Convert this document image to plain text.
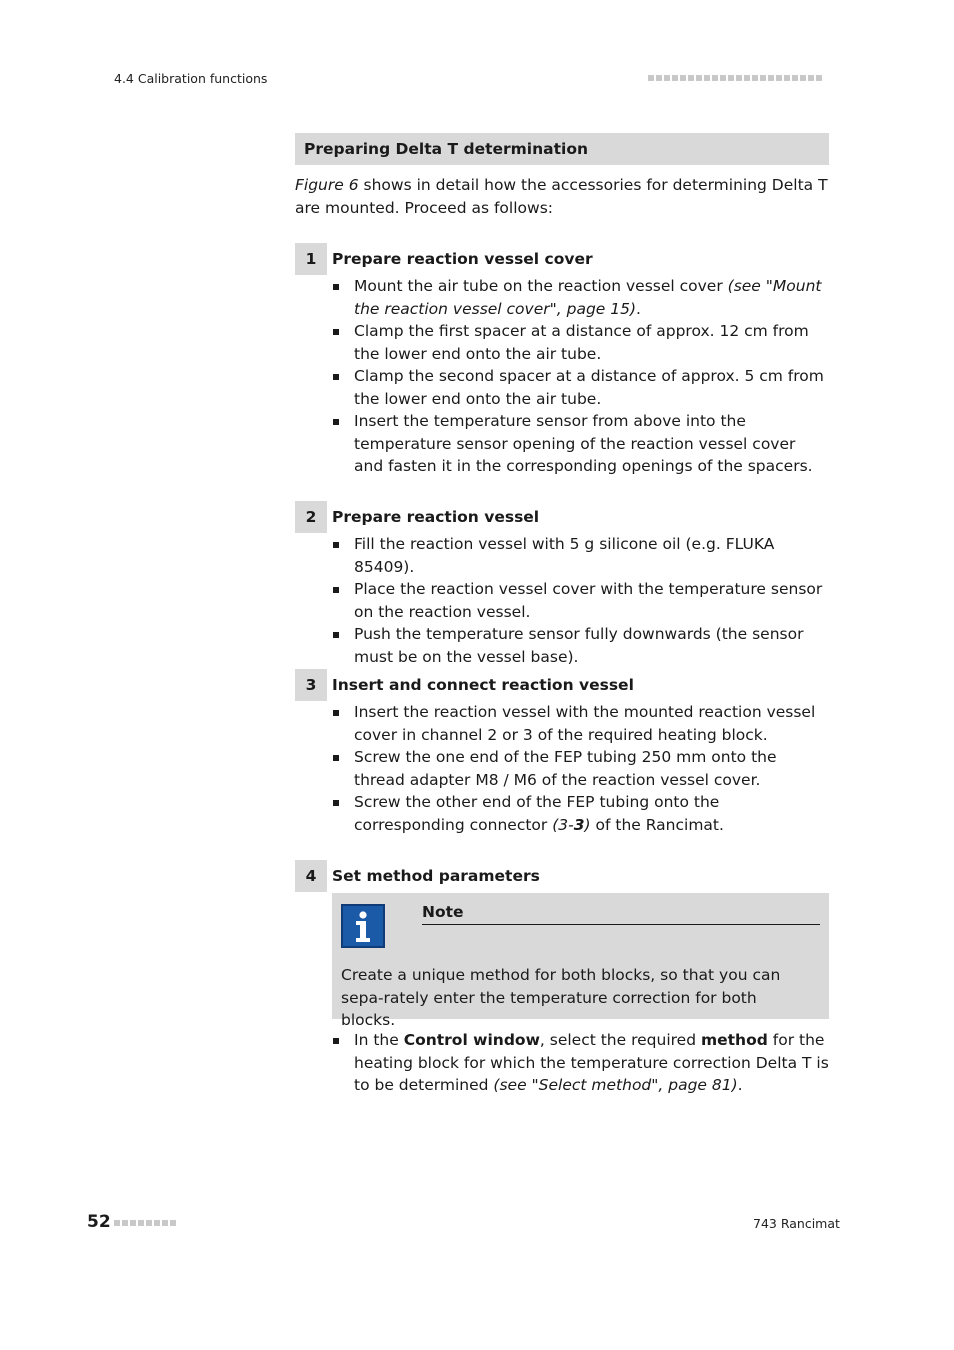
4.4 Calibration functions
Preparing Delta T determination
Figure 6 shows in detail how the accessories for determining Delta T are mounted. Proceed as follows:
1	Prepare reaction vessel cover
Mount the air tube on the reaction vessel cover (see "Mount the reaction vessel cover", page 15).
Clamp the first spacer at a distance of approx. 12 cm from the lower end onto the air tube.
Clamp the second spacer at a distance of approx. 5 cm from the lower end onto the air tube.
Insert the temperature sensor from above into the temperature sensor opening of the reaction vessel cover and fasten it in the corresponding openings of the spacers.
2	Prepare reaction vessel
Fill the reaction vessel with 5 g silicone oil (e.g. FLUKA 85409).
Place the reaction vessel cover with the temperature sensor on the reaction vessel.
Push the temperature sensor fully downwards (the sensor must be on the vessel base).
3	Insert and connect reaction vessel
Insert the reaction vessel with the mounted reaction vessel cover in channel 2 or 3 of the required heating block.
Screw the one end of the FEP tubing 250 mm onto the thread adapter M8 / M6 of the reaction vessel cover.
Screw the other end of the FEP tubing onto the corresponding connector (3-3) of the Rancimat.
4	Set method parameters
Note
Create a unique method for both blocks, so that you can sepa-rately enter the temperature correction for both blocks.
In the Control window, select the required method for the heating block for which the temperature correction Delta T is to be determined (see "Select method", page 81).
52	743 Rancimat
